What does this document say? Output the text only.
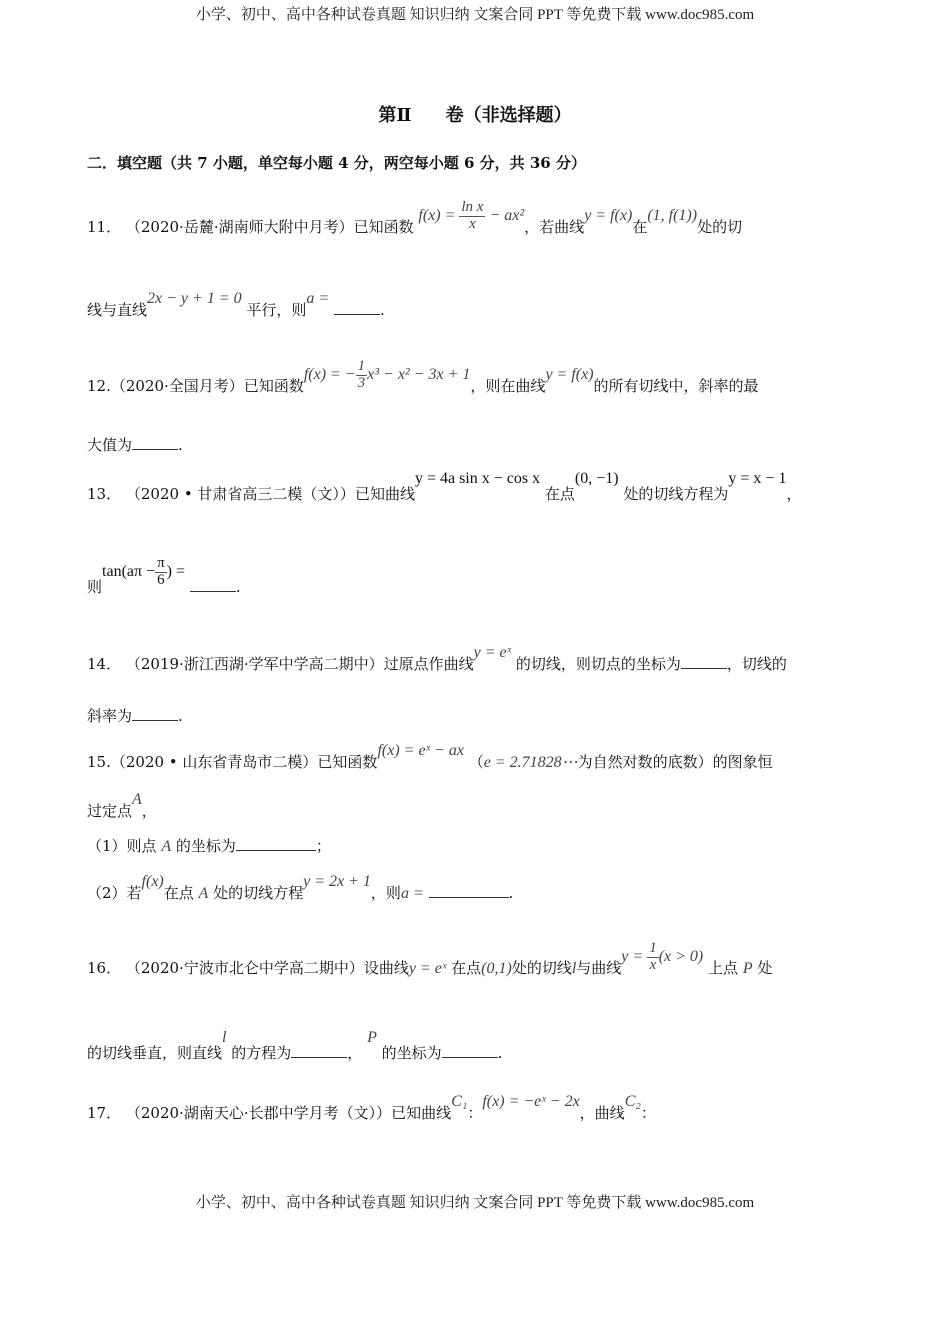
小学、初中、高中各种试卷真题 知识归纳 文案合同 PPT 等免费下载 www.doc985.com
第Ⅱ 卷（非选择题）
二．填空题（共 7 小题，单空每小题 4 分，两空每小题 6 分，共 36 分）
11． （2020·岳麓·湖南师大附中月考）已知函数 $f(x) = \frac{\text{ln x}}{x} - ax^2$，若曲线y = f(x)在(1, f(1))处的切
线与直线2x − y + 1 = 0 平行，则a = .
12.（2020·全国月考）已知函数f(x) = − $\frac{1}{3} x^3 - x^2 - 3x + 1$，则在曲线y = f(x)的所有切线中，斜率的最
大值为	.
13． （2020 • 甘肃省高三二模（文））已知曲线y = 4a sin x − cos x 在点(0, −1) 处的切线方程为y = x − 1，
则$\tan(a\pi - \frac{\pi}{6}$ ) = .
14． （2019·浙江西湖·学军中学高二期中）过原点作曲线y = eˣ 的切线，则切点的坐标为	，切线的
斜率为	.
15.（2020 • 山东省青岛市二模）已知函数f(x) = eˣ − ax （e = 2.71828⋯为自然对数的底数）的图象恒
过定点A，
（1）则点 A 的坐标为	；
（2）若f(x)在点 A 处的切线方程y = 2x + 1，则a =	.
16． （2020·宁波市北仑中学高二期中）设曲线y = eˣ 在点(0,1)处的切线l与曲线$y = \frac{1}{x} (x > 0)$ 上点 P 处
的切线垂直，则直线l 的方程为	， P 的坐标为	.
17． （2020·湖南天心·长郡中学月考（文））已知曲线C₁：f(x) = −eˣ − 2x，曲线C₂：
小学、初中、高中各种试卷真题 知识归纳 文案合同 PPT 等免费下载 www.doc985.com
